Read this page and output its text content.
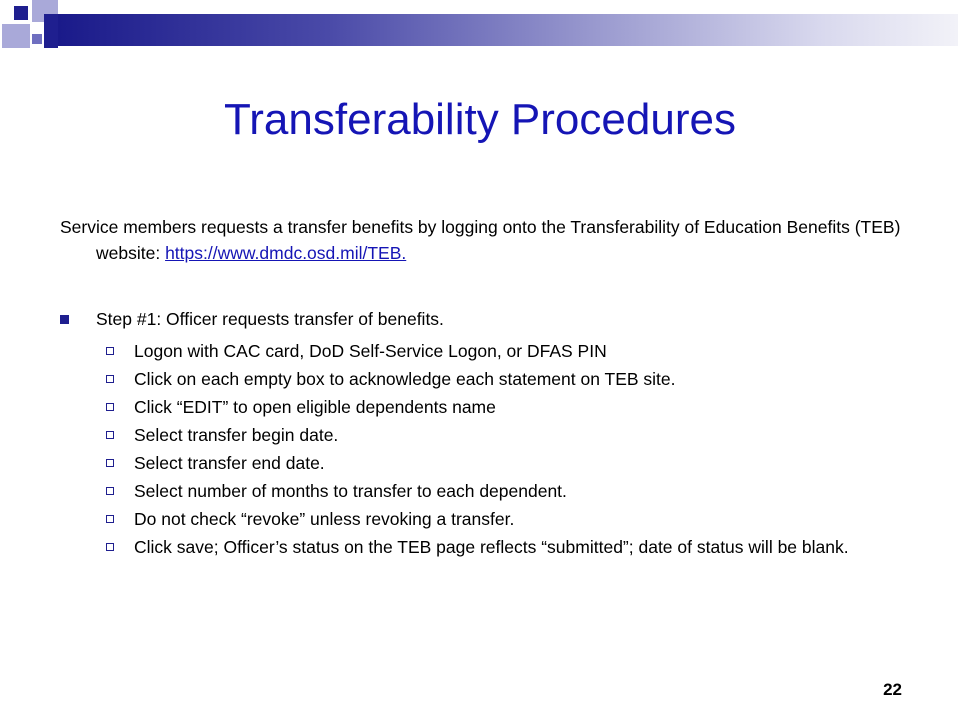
Transferability Procedures

Service members requests a transfer benefits by logging onto the Transferability of Education Benefits (TEB) website: https://www.dmdc.osd.mil/TEB.

Step #1: Officer requests transfer of benefits.
Logon with CAC card, DoD Self-Service Logon, or DFAS PIN
Click on each empty box to acknowledge each statement on TEB site.
Click “EDIT” to open eligible dependents name
Select transfer begin date.
Select transfer end date.
Select number of months to transfer to each dependent.
Do not check “revoke” unless revoking a transfer.
Click save; Officer’s status on the TEB page reflects “submitted”; date of status will be blank.
22
